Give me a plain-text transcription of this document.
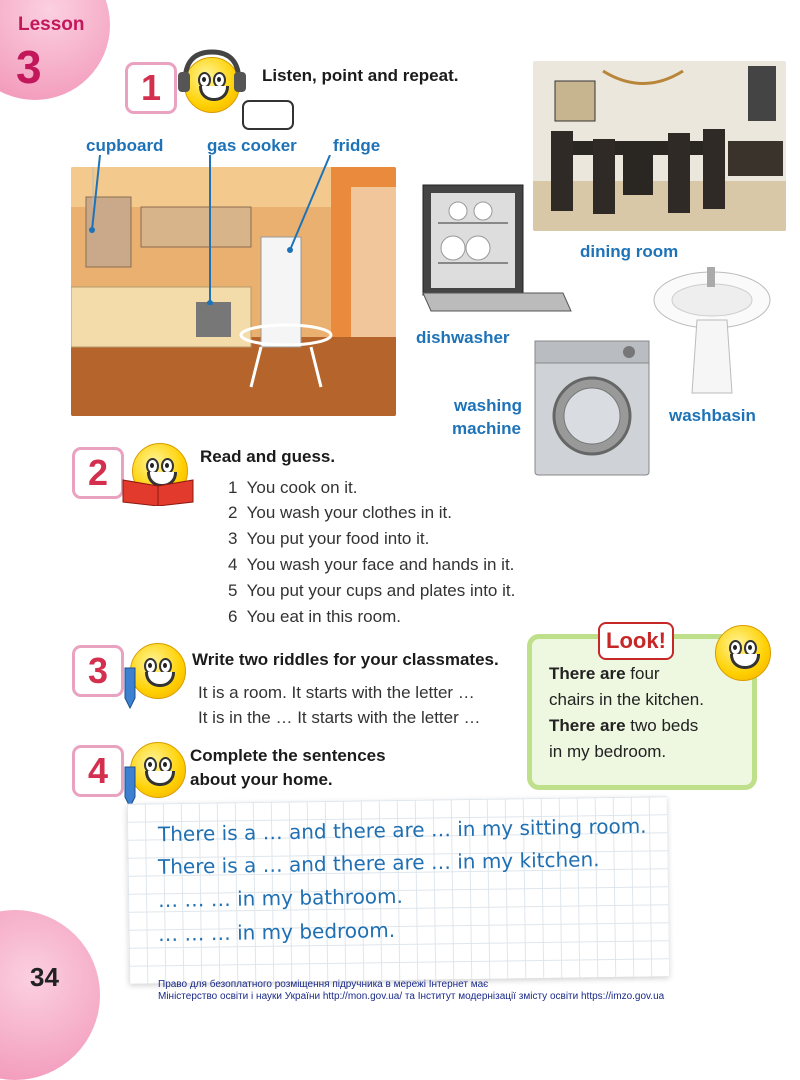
Lesson
3	1	Listen, point and repeat.
cupboard	gas cooker fridge
dining room
dishwasher
washbasin
washing
machine
2	Read and guess.
1 You cook on it.
2 You wash your clothes in it.
3 You put your food into it.
4 You wash your face and hands in it.
5 You put your cups and plates into it.
6 You eat in this room.
3	Write two riddles for your classmates.
It is a room. It starts with the letter …
It is in the … It starts with the letter …
Look!
There are four
chairs in the kitchen.
There are two beds
in my bedroom.
4	Complete the sentences
about your home.
There is a … and there are … in my sitting room.
There is a … and there are … in my kitchen.
… … … in my bathroom.
… … … in my bedroom.
34	Право для безоплатного розміщення підручника в мережі Інтернет має
Міністерство освіти і науки України http://mon.gov.ua/ та Інститут модернізації змісту освіти https://imzo.gov.ua
